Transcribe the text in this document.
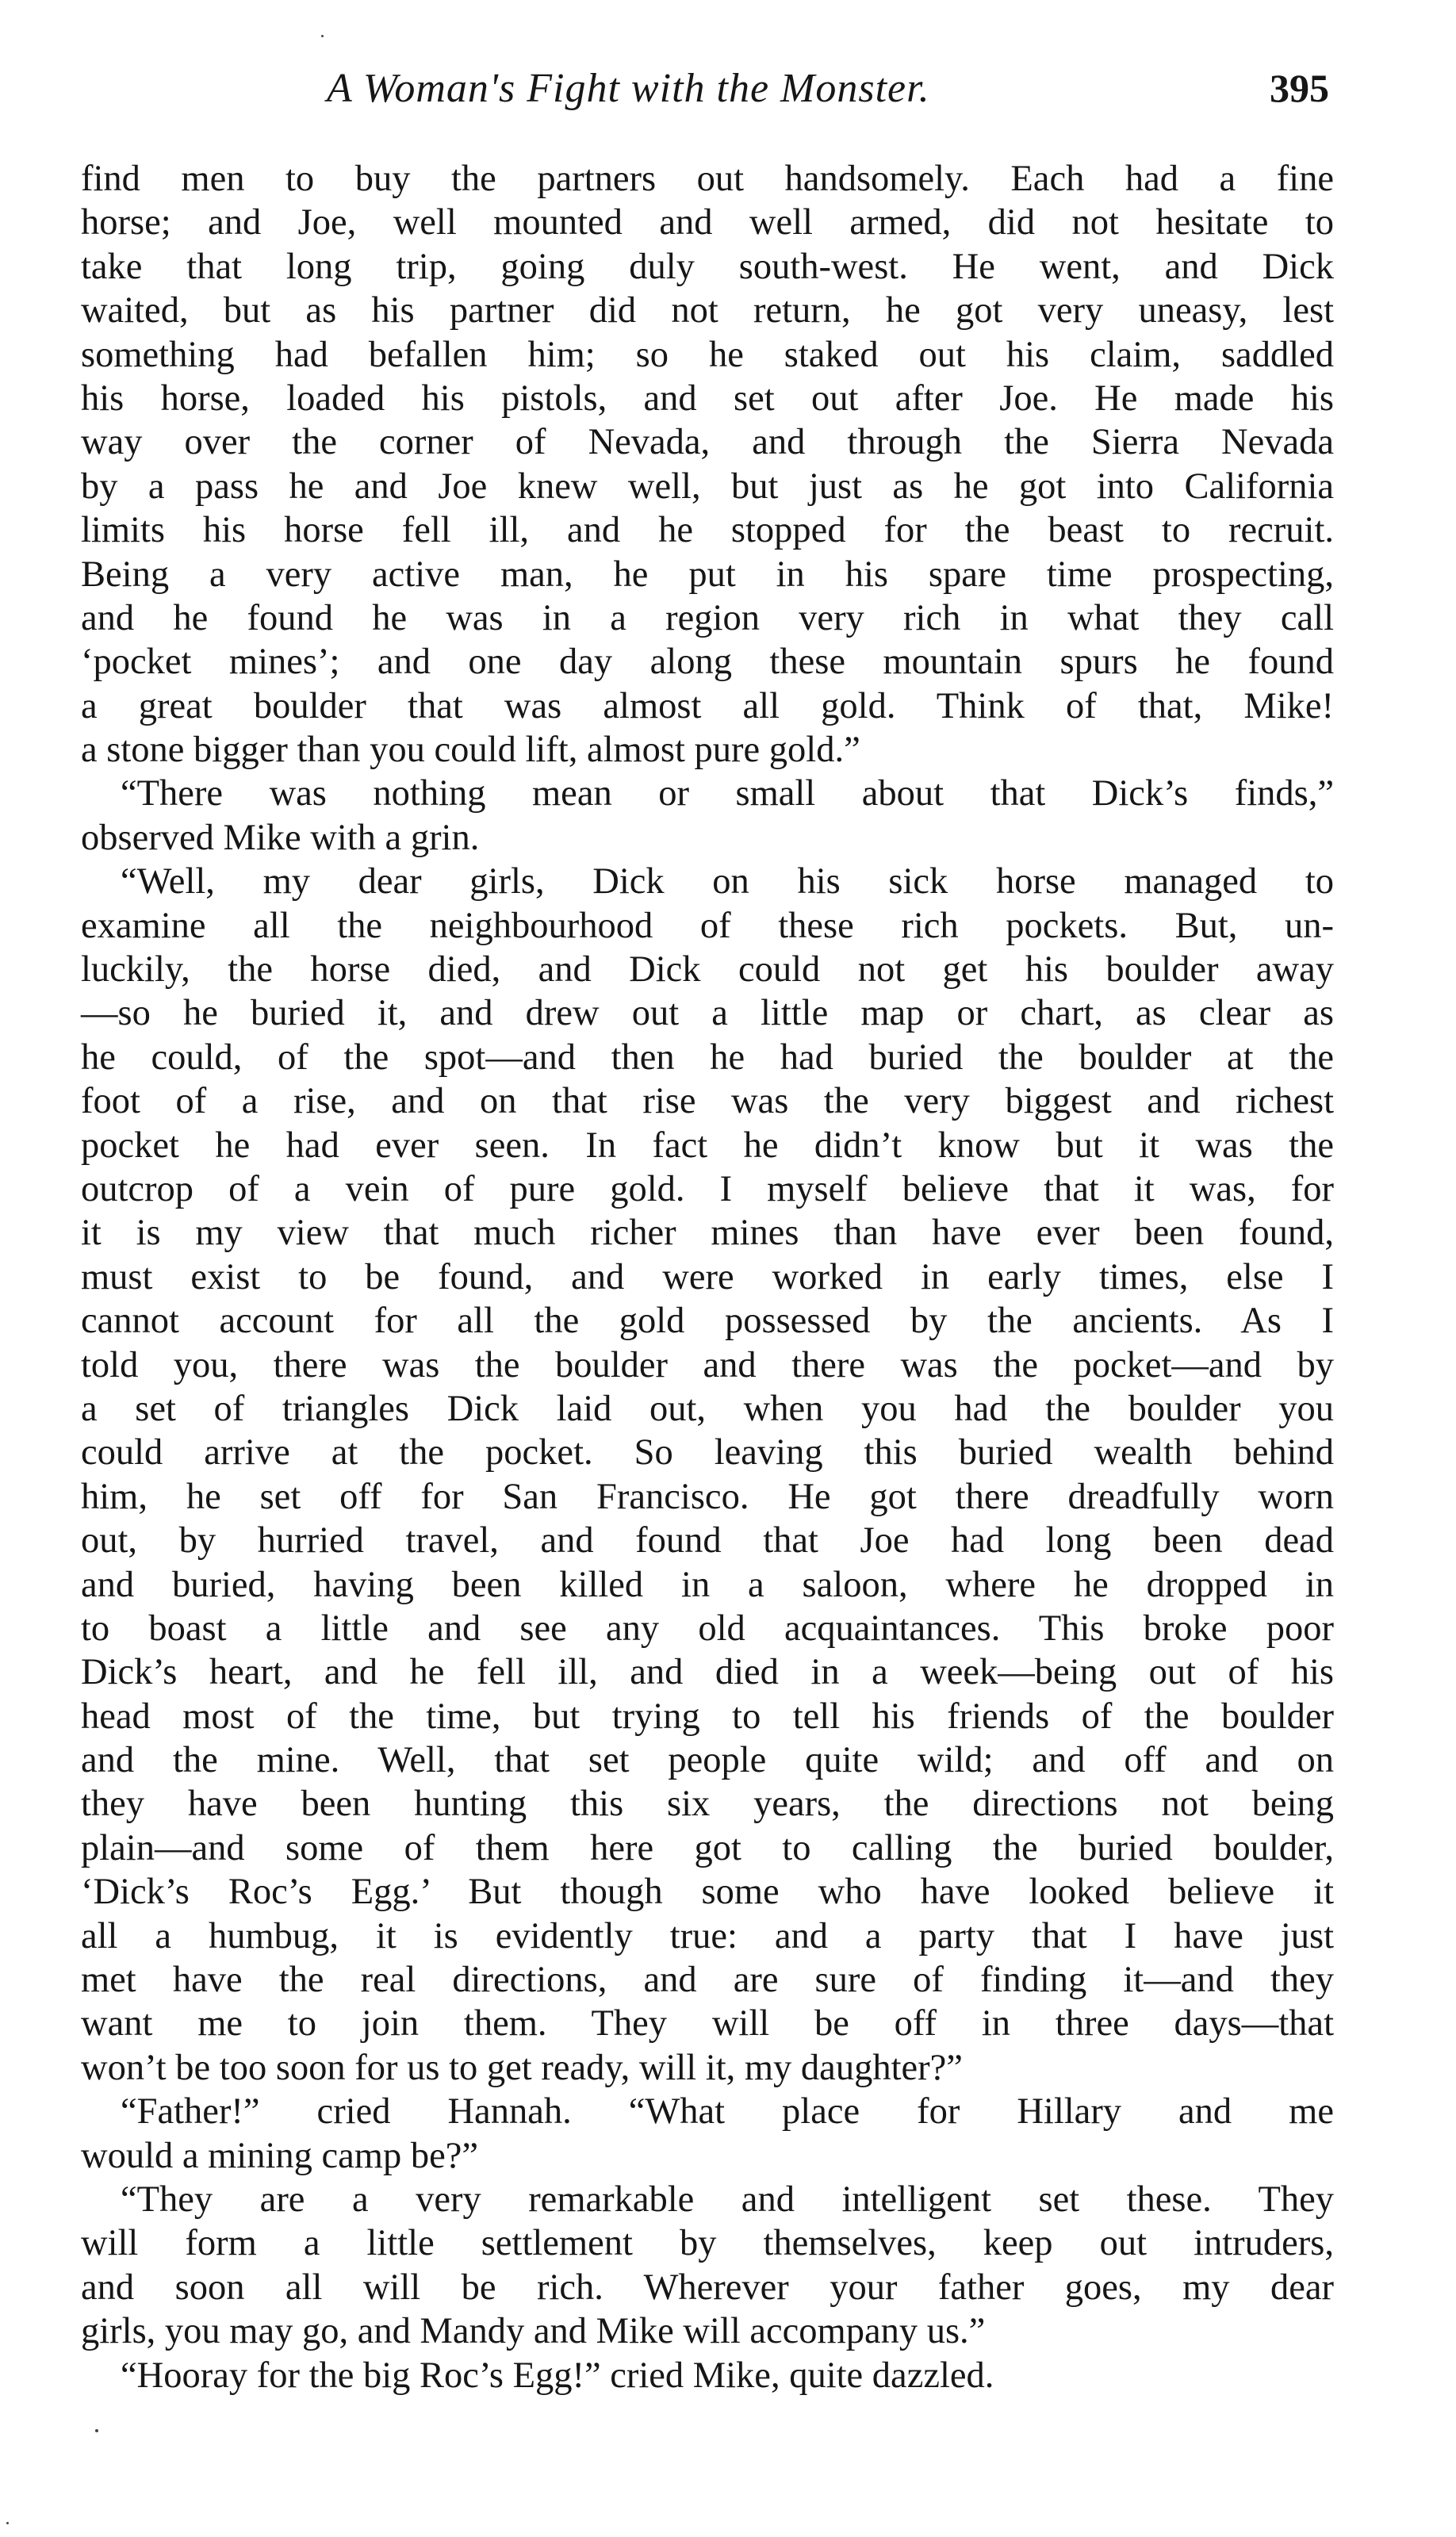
A Woman's Fight with the Monster.	395
find men to buy the partners out handsomely. Each had a fine
horse; and Joe, well mounted and well armed, did not hesitate to
take that long trip, going duly south-west. He went, and Dick
waited, but as his partner did not return, he got very uneasy, lest
something had befallen him; so he staked out his claim, saddled
his horse, loaded his pistols, and set out after Joe. He made his
way over the corner of Nevada, and through the Sierra Nevada
by a pass he and Joe knew well, but just as he got into California
limits his horse fell ill, and he stopped for the beast to recruit.
Being a very active man, he put in his spare time prospecting,
and he found he was in a region very rich in what they call
‘pocket mines’; and one day along these mountain spurs he found
a great boulder that was almost all gold. Think of that, Mike!
a stone bigger than you could lift, almost pure gold.”
“There was nothing mean or small about that Dick’s finds,”
observed Mike with a grin.
“Well, my dear girls, Dick on his sick horse managed to
examine all the neighbourhood of these rich pockets. But, un-
luckily, the horse died, and Dick could not get his boulder away
—so he buried it, and drew out a little map or chart, as clear as
he could, of the spot—and then he had buried the boulder at the
foot of a rise, and on that rise was the very biggest and richest
pocket he had ever seen. In fact he didn’t know but it was the
outcrop of a vein of pure gold. I myself believe that it was, for
it is my view that much richer mines than have ever been found,
must exist to be found, and were worked in early times, else I
cannot account for all the gold possessed by the ancients. As I
told you, there was the boulder and there was the pocket—and by
a set of triangles Dick laid out, when you had the boulder you
could arrive at the pocket. So leaving this buried wealth behind
him, he set off for San Francisco. He got there dreadfully worn
out, by hurried travel, and found that Joe had long been dead
and buried, having been killed in a saloon, where he dropped in
to boast a little and see any old acquaintances. This broke poor
Dick’s heart, and he fell ill, and died in a week—being out of his
head most of the time, but trying to tell his friends of the boulder
and the mine. Well, that set people quite wild; and off and on
they have been hunting this six years, the directions not being
plain—and some of them here got to calling the buried boulder,
‘Dick’s Roc’s Egg.’ But though some who have looked believe it
all a humbug, it is evidently true: and a party that I have just
met have the real directions, and are sure of finding it—and they
want me to join them. They will be off in three days—that
won’t be too soon for us to get ready, will it, my daughter?”
“Father!” cried Hannah. “What place for Hillary and me
would a mining camp be?”
“They are a very remarkable and intelligent set these. They
will form a little settlement by themselves, keep out intruders,
and soon all will be rich. Wherever your father goes, my dear
girls, you may go, and Mandy and Mike will accompany us.”
“Hooray for the big Roc’s Egg!” cried Mike, quite dazzled.
